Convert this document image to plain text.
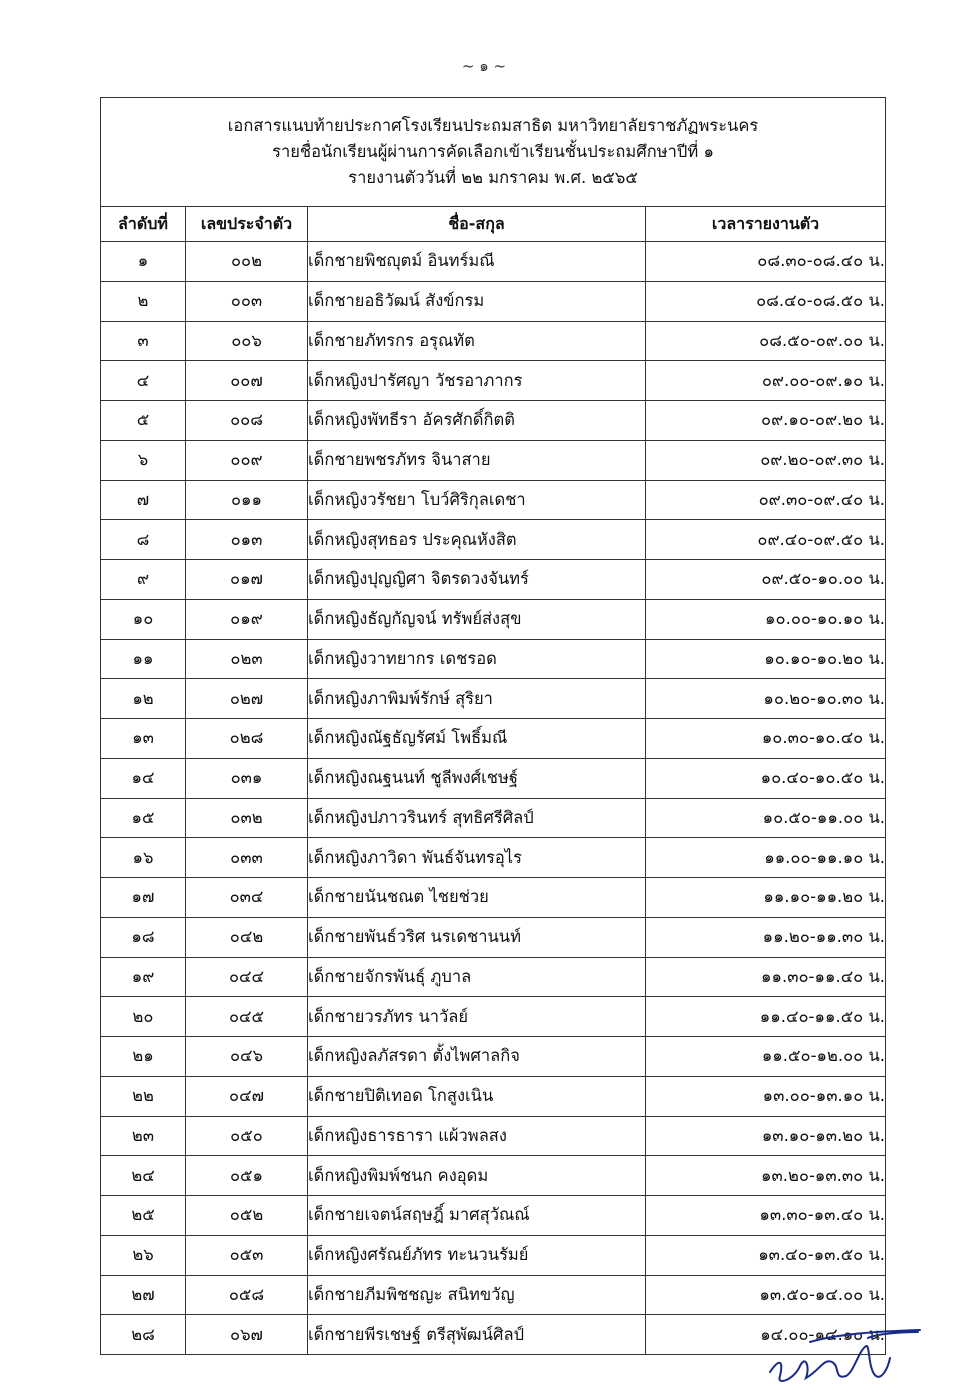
~ ๑ ~
เอกสารแนบท้ายประกาศโรงเรียนประถมสาธิต มหาวิทยาลัยราชภัฏพระนคร
รายชื่อนักเรียนผู้ผ่านการคัดเลือกเข้าเรียนชั้นประถมศึกษาปีที่ ๑
รายงานตัววันที่ ๒๒ มกราคม พ.ศ. ๒๕๖๕			

ลำดับที่	เลขประจำตัว	ชื่อ-สกุล	เวลารายงานตัว
๑	๐๐๒	เด็กชายพิชญุตม์ อินทร์มณี	๐๘.๓๐-๐๘.๔๐ น.
๒	๐๐๓	เด็กชายอธิวัฒน์ สังข์กรม	๐๘.๔๐-๐๘.๕๐ น.
๓	๐๐๖	เด็กชายภัทรกร อรุณทัต	๐๘.๕๐-๐๙.๐๐ น.
๔	๐๐๗	เด็กหญิงปารัศญา วัชรอาภากร	๐๙.๐๐-๐๙.๑๐ น.
๕	๐๐๘	เด็กหญิงพัทธีรา อัครศักดิ์กิตติ	๐๙.๑๐-๐๙.๒๐ น.
๖	๐๐๙	เด็กชายพชรภัทร จินาสาย	๐๙.๒๐-๐๙.๓๐ น.
๗	๐๑๑	เด็กหญิงวรัชยา โบว์ศิริกุลเดชา	๐๙.๓๐-๐๙.๔๐ น.
๘	๐๑๓	เด็กหญิงสุทธอร ประคุณหังสิต	๐๙.๔๐-๐๙.๕๐ น.
๙	๐๑๗	เด็กหญิงปุญญิศา จิตรดวงจันทร์	๐๙.๕๐-๑๐.๐๐ น.
๑๐	๐๑๙	เด็กหญิงธัญกัญจน์ ทรัพย์ส่งสุข	๑๐.๐๐-๑๐.๑๐ น.
๑๑	๐๒๓	เด็กหญิงวาทยากร เดชรอด	๑๐.๑๐-๑๐.๒๐ น.
๑๒	๐๒๗	เด็กหญิงภาพิมพ์รักษ์ สุริยา	๑๐.๒๐-๑๐.๓๐ น.
๑๓	๐๒๘	เด็กหญิงณัฐธัญรัศม์ โพธิ์มณี	๑๐.๓๐-๑๐.๔๐ น.
๑๔	๐๓๑	เด็กหญิงณฐนนท์ ชูลีพงศ์เชษฐ์	๑๐.๔๐-๑๐.๕๐ น.
๑๕	๐๓๒	เด็กหญิงปภาวรินทร์ สุทธิศรีศิลป์	๑๐.๕๐-๑๑.๐๐ น.
๑๖	๐๓๓	เด็กหญิงภาวิดา พันธ์จันทรอุไร	๑๑.๐๐-๑๑.๑๐ น.
๑๗	๐๓๔	เด็กชายนันชณต ไชยช่วย	๑๑.๑๐-๑๑.๒๐ น.
๑๘	๐๔๒	เด็กชายพันธ์วริศ นรเดชานนท์	๑๑.๒๐-๑๑.๓๐ น.
๑๙	๐๔๔	เด็กชายจักรพันธุ์ ภูบาล	๑๑.๓๐-๑๑.๔๐ น.
๒๐	๐๔๕	เด็กชายวรภัทร นาวัลย์	๑๑.๔๐-๑๑.๕๐ น.
๒๑	๐๔๖	เด็กหญิงลภัสรดา ตั้งไพศาลกิจ	๑๑.๕๐-๑๒.๐๐ น.
๒๒	๐๔๗	เด็กชายปิติเทอด โกสูงเนิน	๑๓.๐๐-๑๓.๑๐ น.
๒๓	๐๕๐	เด็กหญิงธารธารา แผ้วพลสง	๑๓.๑๐-๑๓.๒๐ น.
๒๔	๐๕๑	เด็กหญิงพิมพ์ชนก คงอุดม	๑๓.๒๐-๑๓.๓๐ น.
๒๕	๐๕๒	เด็กชายเจตน์สฤษฎิ์ มาศสุวัณณ์	๑๓.๓๐-๑๓.๔๐ น.
๒๖	๐๕๓	เด็กหญิงศรัณย์ภัทร ทะนวนรัมย์	๑๓.๔๐-๑๓.๕๐ น.
๒๗	๐๕๘	เด็กชายภีมพิชชญะ สนิทขวัญ	๑๓.๕๐-๑๔.๐๐ น.
๒๘	๐๖๗	เด็กชายพีรเชษฐ์ ตรีสุพัฒน์ศิลป์	๑๔.๐๐-๑๔.๑๐ น.
